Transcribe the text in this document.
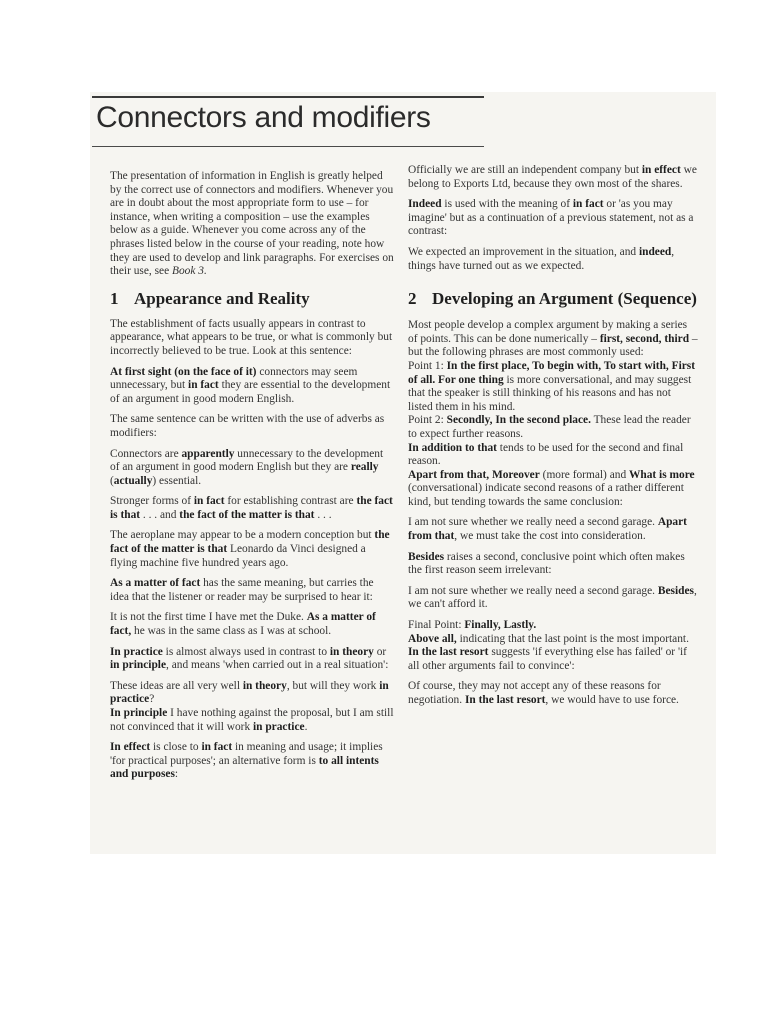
Connectors and modifiers

The presentation of information in English is greatly helped by the correct use of connectors and modifiers. Whenever you are in doubt about the most appropriate form to use – for instance, when writing a composition – use the examples below as a guide. Whenever you come across any of the phrases listed below in the course of your reading, note how they are used to develop and link paragraphs. For exercises on their use, see Book 3.

1 Appearance and Reality

The establishment of facts usually appears in contrast to appearance, what appears to be true, or what is commonly but incorrectly believed to be true. Look at this sentence:

At first sight (on the face of it) connectors may seem unnecessary, but in fact they are essential to the development of an argument in good modern English.

The same sentence can be written with the use of adverbs as modifiers:

Connectors are apparently unnecessary to the development of an argument in good modern English but they are really (actually) essential.

Stronger forms of in fact for establishing contrast are the fact is that . . . and the fact of the matter is that . . .

The aeroplane may appear to be a modern conception but the fact of the matter is that Leonardo da Vinci designed a flying machine five hundred years ago.

As a matter of fact has the same meaning, but carries the idea that the listener or reader may be surprised to hear it:

It is not the first time I have met the Duke. As a matter of fact, he was in the same class as I was at school.

In practice is almost always used in contrast to in theory or in principle, and means 'when carried out in a real situation':

These ideas are all very well in theory, but will they work in practice?

In principle I have nothing against the proposal, but I am still not convinced that it will work in practice.

In effect is close to in fact in meaning and usage; it implies 'for practical purposes'; an alternative form is to all intents and purposes:

Officially we are still an independent company but in effect we belong to Exports Ltd, because they own most of the shares.

Indeed is used with the meaning of in fact or 'as you may imagine' but as a continuation of a previous statement, not as a contrast:

We expected an improvement in the situation, and indeed, things have turned out as we expected.

2 Developing an Argument (Sequence)

Most people develop a complex argument by making a series of points. This can be done numerically – first, second, third – but the following phrases are most commonly used:

Point 1: In the first place, To begin with, To start with, First of all. For one thing is more conversational, and may suggest that the speaker is still thinking of his reasons and has not listed them in his mind.

Point 2: Secondly, In the second place. These lead the reader to expect further reasons.

In addition to that tends to be used for the second and final reason.

Apart from that, Moreover (more formal) and What is more (conversational) indicate second reasons of a rather different kind, but tending towards the same conclusion:

I am not sure whether we really need a second garage. Apart from that, we must take the cost into consideration.

Besides raises a second, conclusive point which often makes the first reason seem irrelevant:

I am not sure whether we really need a second garage. Besides, we can't afford it.

Final Point: Finally, Lastly.

Above all, indicating that the last point is the most important.

In the last resort suggests 'if everything else has failed' or 'if all other arguments fail to convince':

Of course, they may not accept any of these reasons for negotiation. In the last resort, we would have to use force.
